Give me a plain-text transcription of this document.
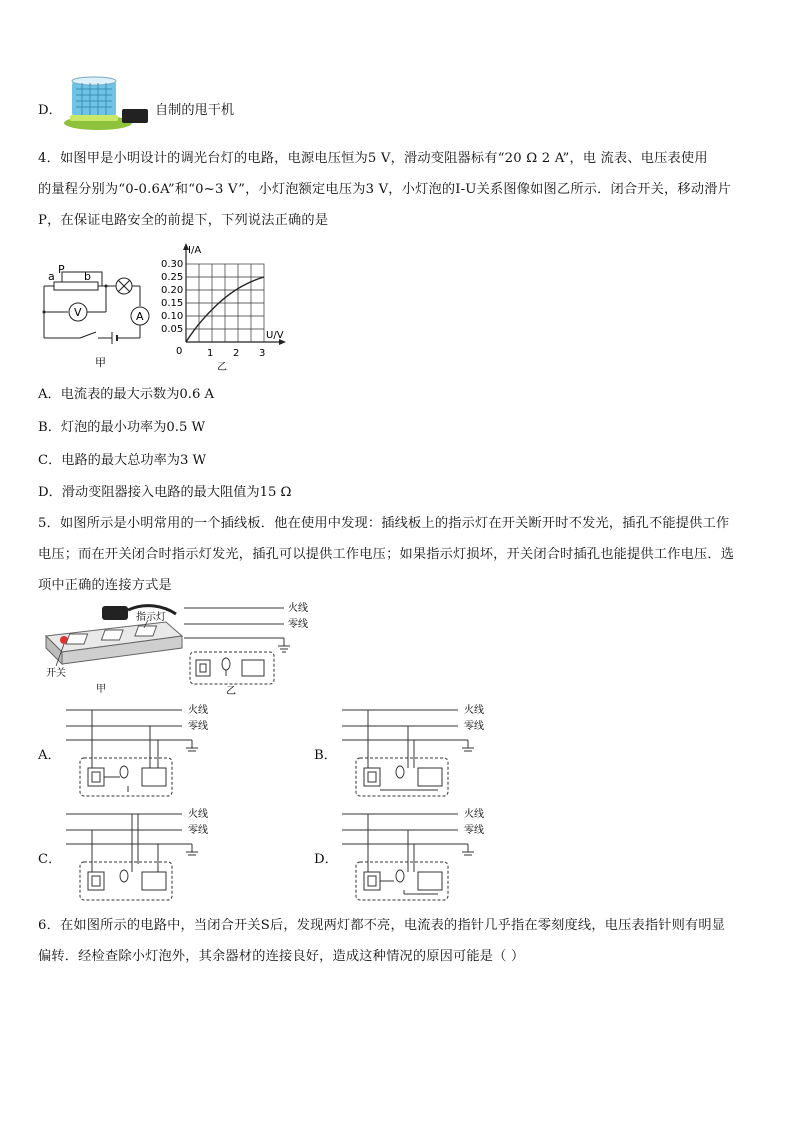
D．	自制的甩干机
4．如图甲是小明设计的调光台灯的电路，电源电压恒为5 V，滑动变阻器标有“20 Ω 2 A”，电 流表、电压表使用
的量程分别为“0-0.6A”和“0~3 V”，小灯泡额定电压为3 V，小灯泡的I-U关系图像如图乙所示．闭合开关，移动滑片
P，在保证电路安全的前提下，下列说法正确的是
a
P
b
V	A
甲
I/A
U/V
0.30
0.25
0.20
0.15
0.10
0.05
0 1 2 3
乙
A．电流表的最大示数为0.6 A
B．灯泡的最小功率为0.5 W
C．电路的最大总功率为3 W
D．滑动变阻器接入电路的最大阻值为15 Ω
5．如图所示是小明常用的一个插线板．他在使用中发现：插线板上的指示灯在开关断开时不发光，插孔不能提供工作
电压；而在开关闭合时指示灯发光，插孔可以提供工作电压；如果指示灯损坏，开关闭合时插孔也能提供工作电压．选
项中正确的连接方式是
指示灯
开关
甲
火线
零线
乙
A．	B．
C．	D．
火线
零线
火线
零线
火线
零线
火线
零线
6．在如图所示的电路中，当闭合开关S后，发现两灯都不亮，电流表的指针几乎指在零刻度线，电压表指针则有明显
偏转．经检查除小灯泡外，其余器材的连接良好，造成这种情况的原因可能是（ ）
